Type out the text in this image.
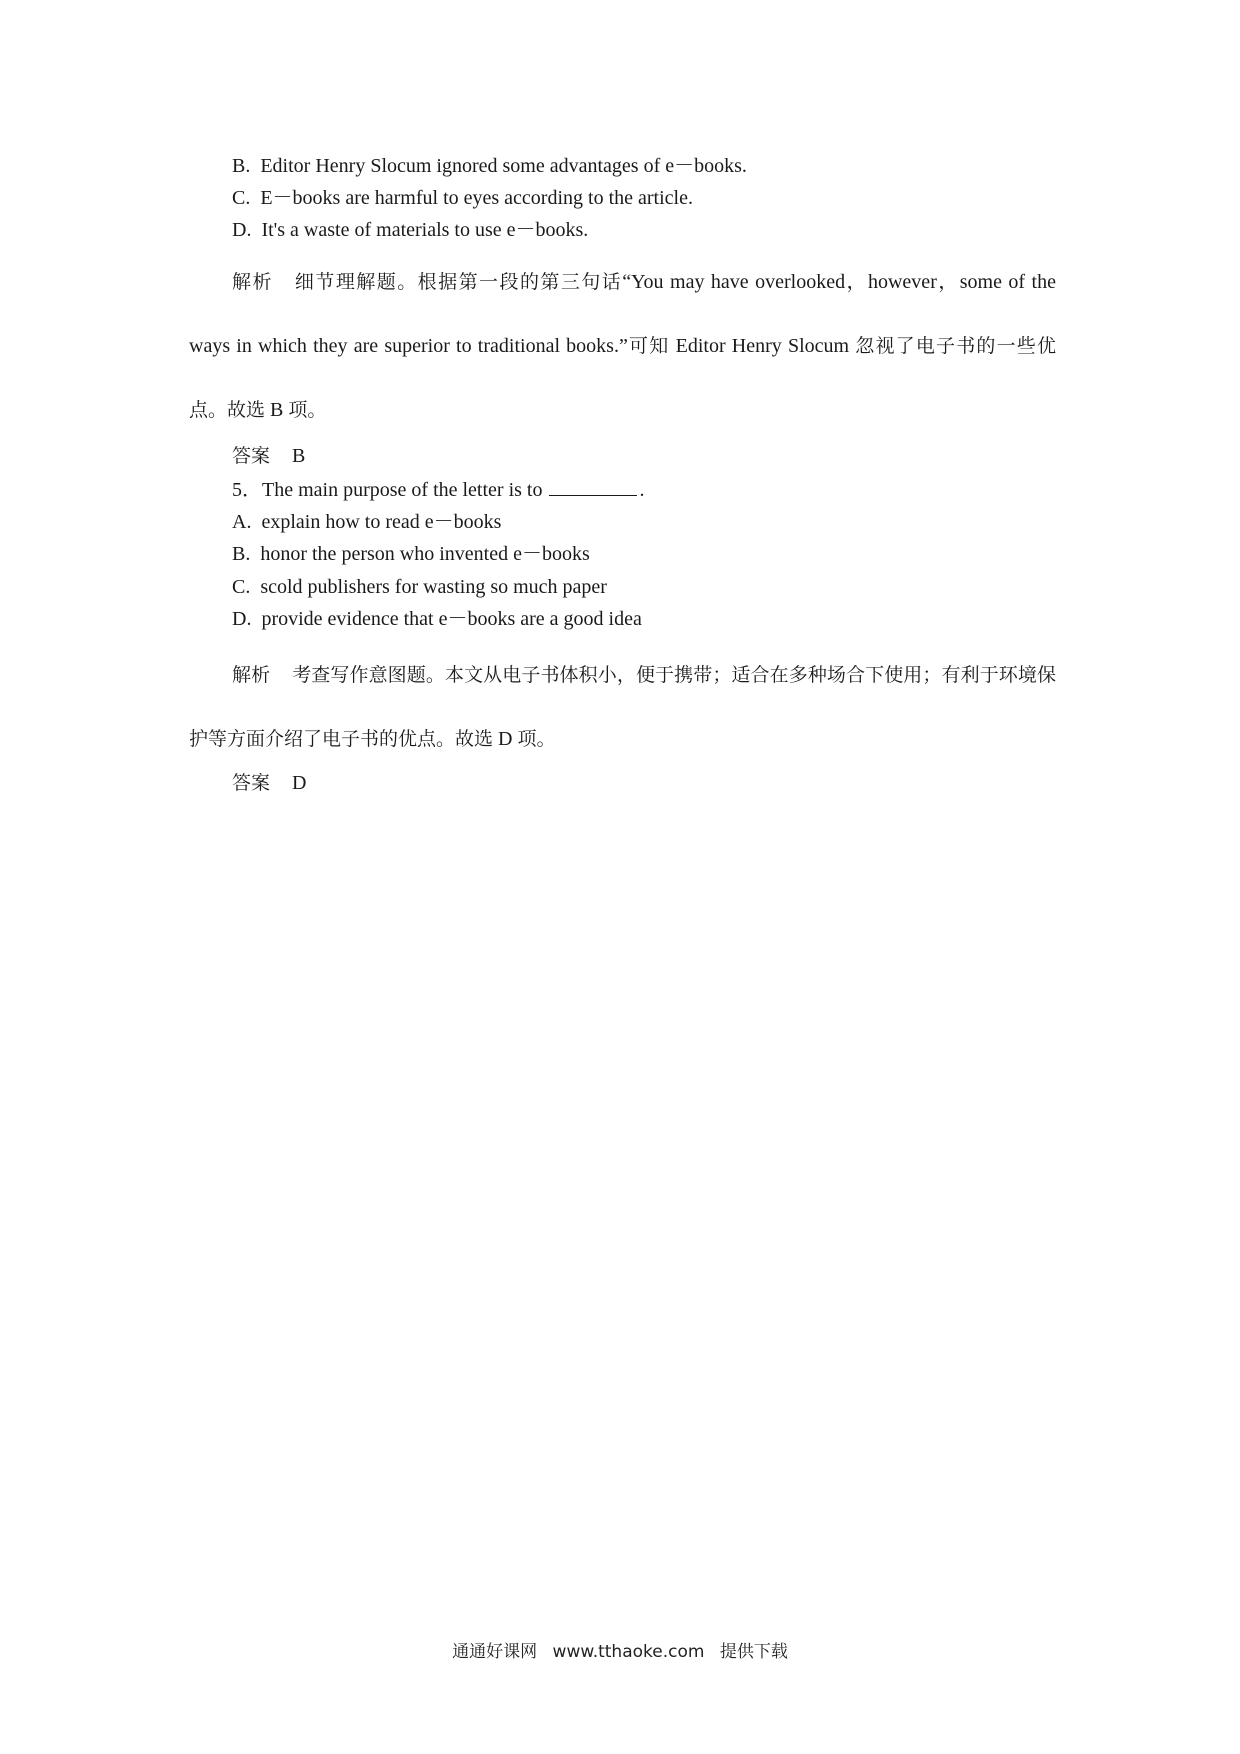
B. Editor Henry Slocum ignored some advantages of e－books.
C. E－books are harmful to eyes according to the article.
D. It's a waste of materials to use e－books.
解析 细节理解题。根据第一段的第三句话“You may have overlooked，however，some of the ways in which they are superior to traditional books.”可知 Editor Henry Slocum 忽视了电子书的一些优点。故选 B 项。
答案 B
5．The main purpose of the letter is to	.
A. explain how to read e－books
B. honor the person who invented e－books
C. scold publishers for wasting so much paper
D. provide evidence that e－books are a good idea
解析 考查写作意图题。本文从电子书体积小，便于携带；适合在多种场合下使用；有利于环境保护等方面介绍了电子书的优点。故选 D 项。
答案 D
通通好课网 www.tthaoke.com 提供下载
